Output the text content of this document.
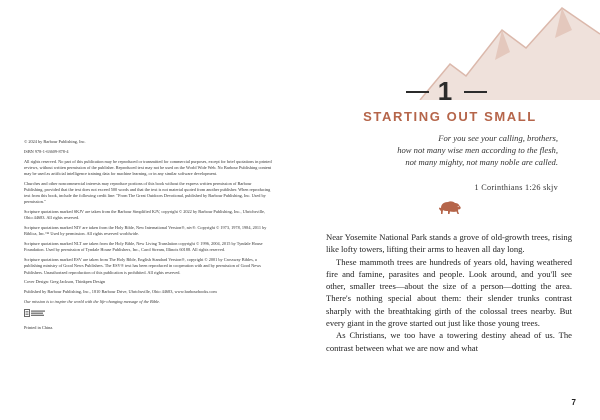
© 2024 by Barbour Publishing, Inc.

ISBN 978-1-63609-878-4

All rights reserved. No part of this publication may be reproduced or transmitted for commercial purposes, except for brief quotations in printed reviews, without written permission of the publisher. Reproduced text may not be used on the World Wide Web. No Barbour Publishing content may be used as artificial intelligence training data for machine learning, or in any similar software development.

Churches and other noncommercial interests may reproduce portions of this book without the express written permission of Barbour Publishing, provided that the text does not exceed 500 words and that the text is not material quoted from another publisher. When reproducing text from this book, include the following credit line: "From The Great Outdoors Devotional, published by Barbour Publishing, Inc. Used by permission."

Scripture quotations marked SKJV are taken from the Barbour Simplified KJV, copyright © 2022 by Barbour Publishing, Inc., Uhrichsville, Ohio 44683. All rights reserved.

Scripture quotations marked NIV are taken from the Holy Bible, New International Version®, niv®. Copyright © 1973, 1978, 1984, 2011 by Biblica, Inc.™ Used by permission. All rights reserved worldwide.

Scripture quotations marked NLT are taken from the Holy Bible, New Living Translation copyright © 1996, 2004, 2015 by Tyndale House Foundation. Used by permission of Tyndale House Publishers, Inc., Carol Stream, Illinois 60188. All rights reserved.

Scripture quotations marked ESV are taken from The Holy Bible, English Standard Version®, copyright © 2001 by Crossway Bibles, a publishing ministry of Good News Publishers. The ESV® text has been reproduced in cooperation with and by permission of Good News Publishers. Unauthorized reproduction of this publication is prohibited. All rights reserved.

Cover Design: Greg Jackson, Thinkpen Design

Published by Barbour Publishing, Inc., 1810 Barbour Drive, Uhrichsville, Ohio 44683, www.barbourbooks.com

Our mission is to inspire the world with the life-changing message of the Bible.

Printed in China.

1
STARTING OUT SMALL
For you see your calling, brothers,
how not many wise men according to the flesh,
not many mighty, not many noble are called.
1 Corinthians 1:26 skjv

Near Yosemite National Park stands a grove of old-growth trees, rising like lofty towers, lifting their arms to heaven all day long.

These mammoth trees are hundreds of years old, having weathered fire and famine, parasites and people. Look around, and you'll see other, smaller trees—about the size of a person—dotting the area. There's nothing special about them: their slender trunks contrast sharply with the breathtaking girth of the colossal trees nearby. But every giant in the grove started out just like those young trees.

As Christians, we too have a towering destiny ahead of us. The contrast between what we are now and what

7
